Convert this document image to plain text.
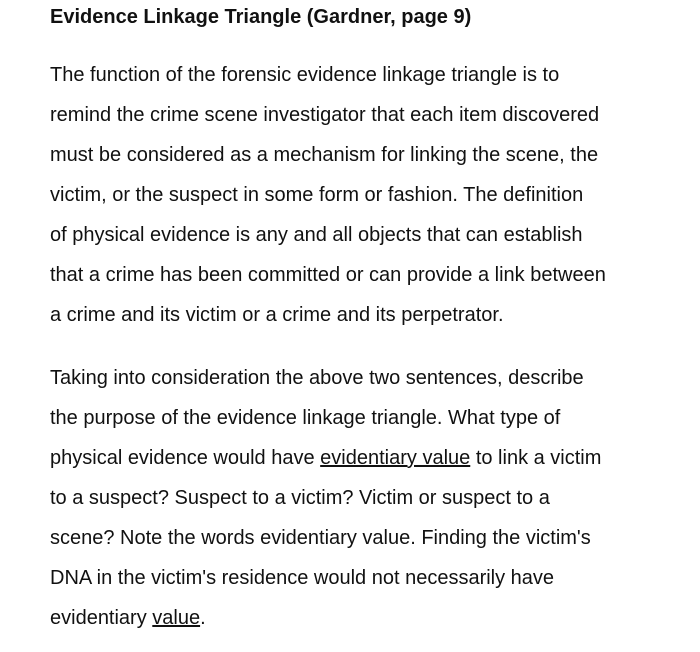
Evidence Linkage Triangle (Gardner, page 9)

The function of the forensic evidence linkage triangle is to
remind the crime scene investigator that each item discovered
must be considered as a mechanism for linking the scene, the
victim, or the suspect in some form or fashion. The definition
of physical evidence is any and all objects that can establish
that a crime has been committed or can provide a link between
a crime and its victim or a crime and its perpetrator.

Taking into consideration the above two sentences, describe
the purpose of the evidence linkage triangle. What type of
physical evidence would have evidentiary value to link a victim
to a suspect? Suspect to a victim? Victim or suspect to a
scene? Note the words evidentiary value. Finding the victim's
DNA in the victim's residence would not necessarily have
evidentiary value.
